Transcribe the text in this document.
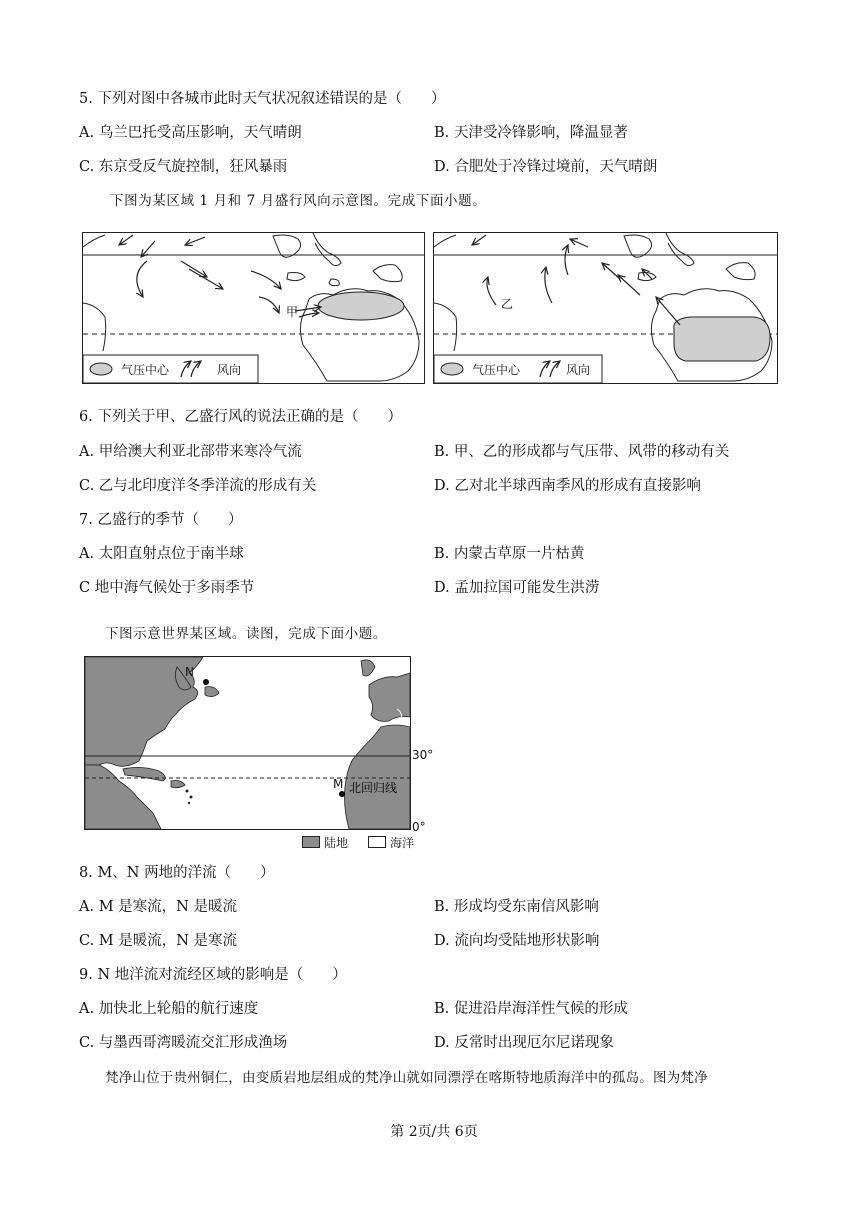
5. 下列对图中各城市此时天气状况叙述错误的是（　　）
A. 乌兰巴托受高压影响，天气晴朗	B. 天津受冷锋影响，降温显著
C. 东京受反气旋控制，狂风暴雨	D. 合肥处于冷锋过境前，天气晴朗
下图为某区域 1 月和 7 月盛行风向示意图。完成下面小题。
甲
气压中心	风向
乙
气压中心	风向
6. 下列关于甲、乙盛行风的说法正确的是（　　）
A. 甲给澳大利亚北部带来寒冷气流	B. 甲、乙的形成都与气压带、风带的移动有关
C. 乙与北印度洋冬季洋流的形成有关	D. 乙对北半球西南季风的形成有直接影响
7. 乙盛行的季节（　　）
A. 太阳直射点位于南半球	B. 内蒙古草原一片枯黄
C 地中海气候处于多雨季节	D. 孟加拉国可能发生洪涝
下图示意世界某区域。读图，完成下面小题。
N
M 北回归线
30°
0°
陆地	海洋
8. M、N 两地的洋流（　　）
A. M 是寒流，N 是暖流	B. 形成均受东南信风影响
C. M 是暖流，N 是寒流	D. 流向均受陆地形状影响
9. N 地洋流对流经区域的影响是（　　）
A. 加快北上轮船的航行速度	B. 促进沿岸海洋性气候的形成
C. 与墨西哥湾暖流交汇形成渔场	D. 反常时出现厄尔尼诺现象
梵净山位于贵州铜仁，由变质岩地层组成的梵净山就如同漂浮在喀斯特地质海洋中的孤岛。图为梵净
第 2页/共 6页
